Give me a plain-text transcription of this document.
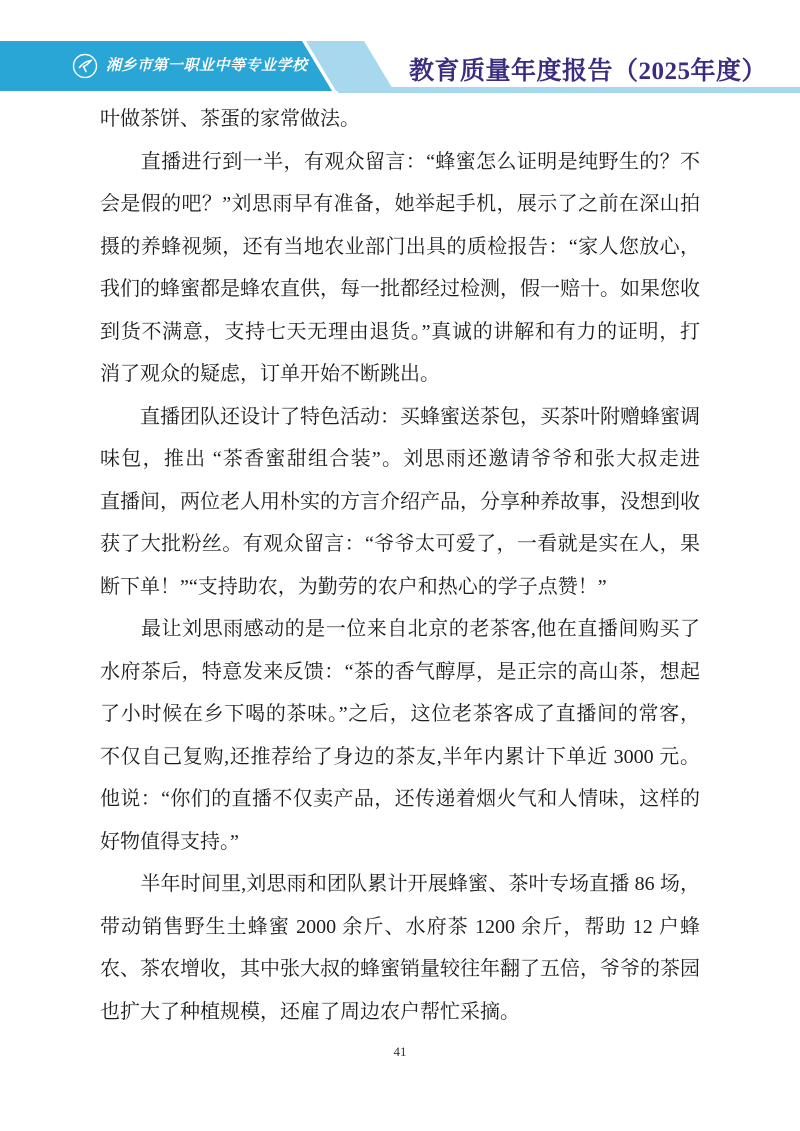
湘乡市第一职业中等专业学校	教育质量年度报告（2025年度）
叶做茶饼、茶蛋的家常做法。
　　直播进行到一半，有观众留言：“蜂蜜怎么证明是纯野生的？不
会是假的吧？”刘思雨早有准备，她举起手机，展示了之前在深山拍
摄的养蜂视频，还有当地农业部门出具的质检报告：“家人您放心，
我们的蜂蜜都是蜂农直供，每一批都经过检测，假一赔十。如果您收
到货不满意，支持七天无理由退货。”真诚的讲解和有力的证明，打
消了观众的疑虑，订单开始不断跳出。
　　直播团队还设计了特色活动：买蜂蜜送茶包，买茶叶附赠蜂蜜调
味包，推出 “茶香蜜甜组合装”。刘思雨还邀请爷爷和张大叔走进
直播间，两位老人用朴实的方言介绍产品，分享种养故事，没想到收
获了大批粉丝。有观众留言：“爷爷太可爱了，一看就是实在人，果
断下单！”“支持助农，为勤劳的农户和热心的学子点赞！”
　　最让刘思雨感动的是一位来自北京的老茶客,他在直播间购买了
水府茶后，特意发来反馈：“茶的香气醇厚，是正宗的高山茶，想起
了小时候在乡下喝的茶味。”之后，这位老茶客成了直播间的常客，
不仅自己复购,还推荐给了身边的茶友,半年内累计下单近 3000 元。
他说：“你们的直播不仅卖产品，还传递着烟火气和人情味，这样的
好物值得支持。”
　　半年时间里,刘思雨和团队累计开展蜂蜜、茶叶专场直播 86 场，
带动销售野生土蜂蜜 2000 余斤、水府茶 1200 余斤，帮助 12 户蜂
农、茶农增收，其中张大叔的蜂蜜销量较往年翻了五倍，爷爷的茶园
也扩大了种植规模，还雇了周边农户帮忙采摘。
41
